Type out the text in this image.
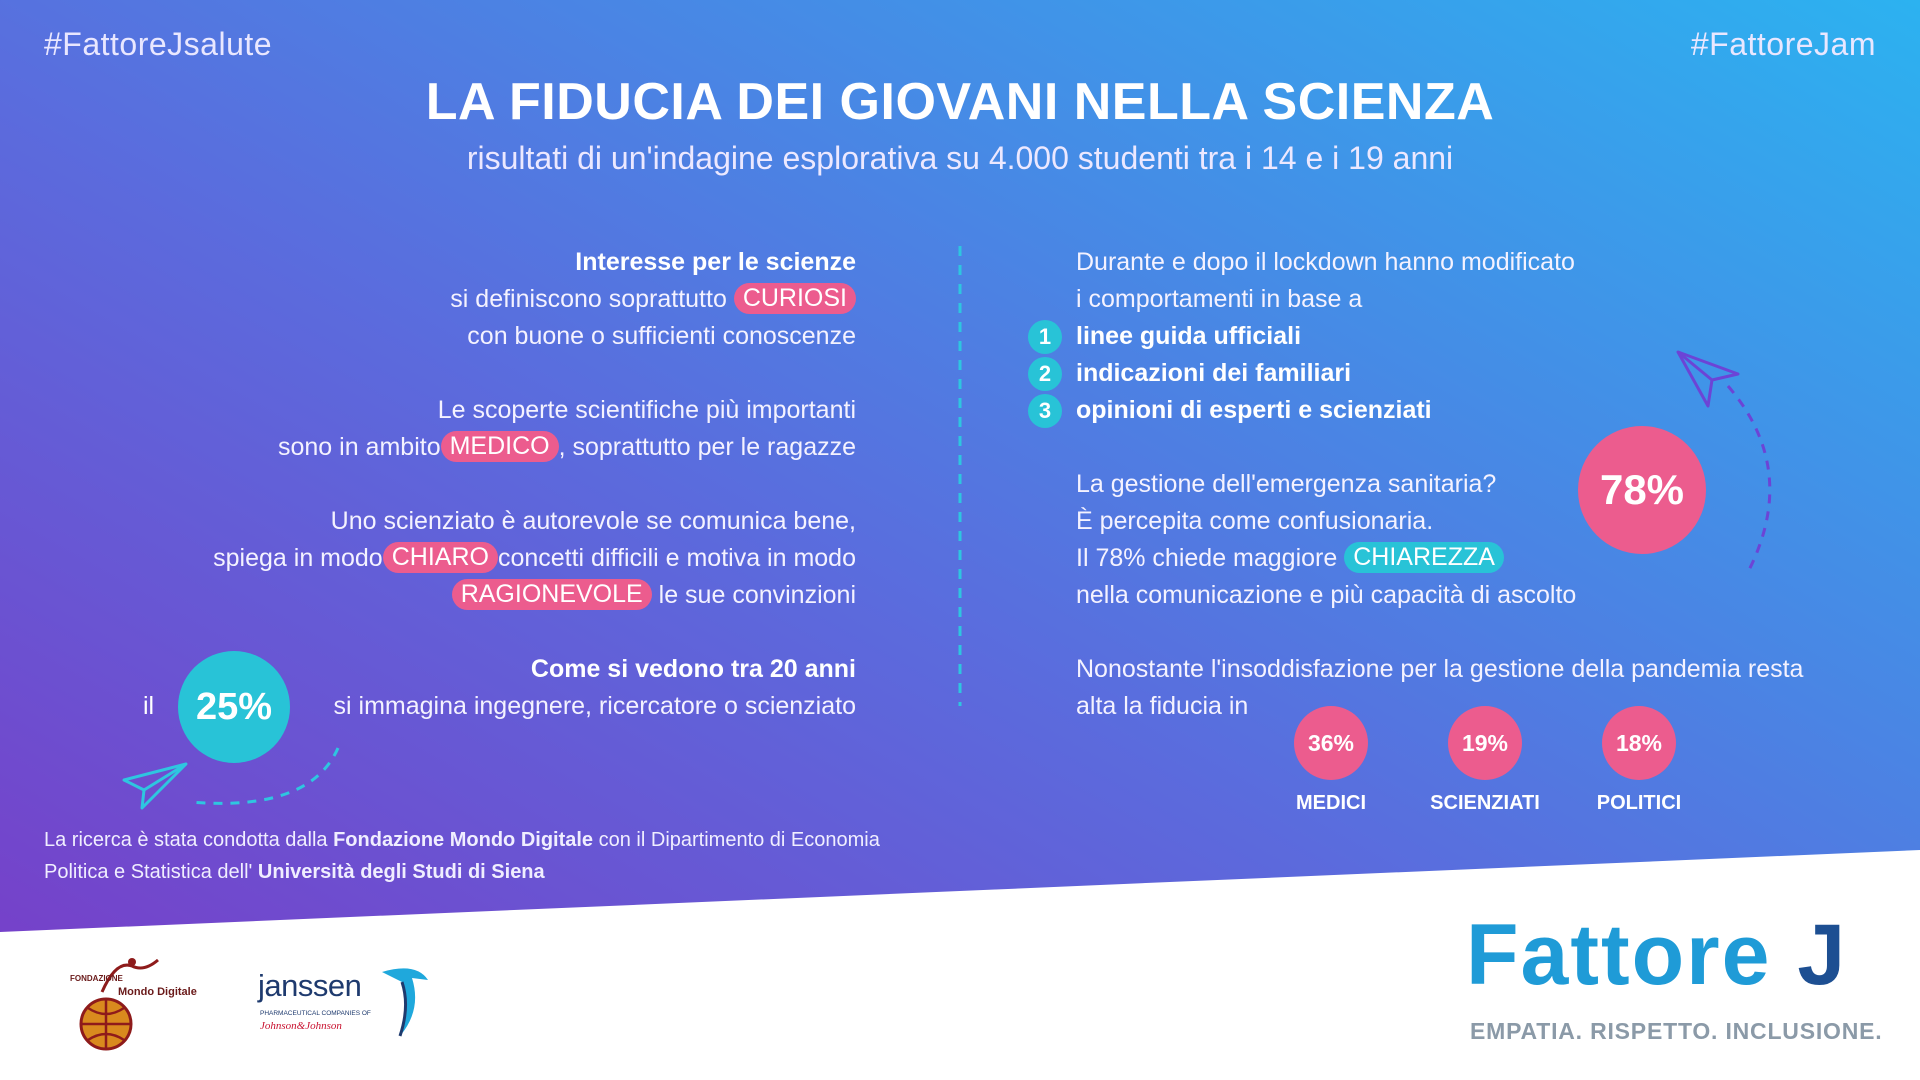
#FattoreJsalute	#FattoreJam
LA FIDUCIA DEI GIOVANI NELLA SCIENZA
risultati di un'indagine esplorativa su 4.000 studenti tra i 14 e i 19 anni
Interesse per le scienze
si definiscono soprattutto CURIOSI
con buone o sufficienti conoscenze
Le scoperte scientifiche più importanti
sono in ambito MEDICO , soprattutto per le ragazze
Uno scienziato è autorevole se comunica bene,
spiega in modo CHIARO concetti difficili e motiva in modo
RAGIONEVOLE le sue convinzioni
Come si vedono tra 20 anni
si immagina ingegnere, ricercatore o scienziato
il	25%
Durante e dopo il lockdown hanno modificato
i comportamenti in base a
1 linee guida ufficiali
2 indicazioni dei familiari
3 opinioni di esperti e scienziati
La gestione dell'emergenza sanitaria?
È percepita come confusionaria.
Il 78% chiede maggiore CHIAREZZA
nella comunicazione e più capacità di ascolto
78%
Nonostante l'insoddisfazione per la gestione della pandemia resta
alta la fiducia in
36%	19%	18%
MEDICI	SCIENZIATI	POLITICI
La ricerca è stata condotta dalla Fondazione Mondo Digitale con il Dipartimento di Economia
Politica e Statistica dell' Università degli Studi di Siena
FONDAZIONE
Mondo Digitale janssen
PHARMACEUTICAL COMPANIES OF
Johnson&Johnson
Fattore J
EMPATIA. RISPETTO. INCLUSIONE.
